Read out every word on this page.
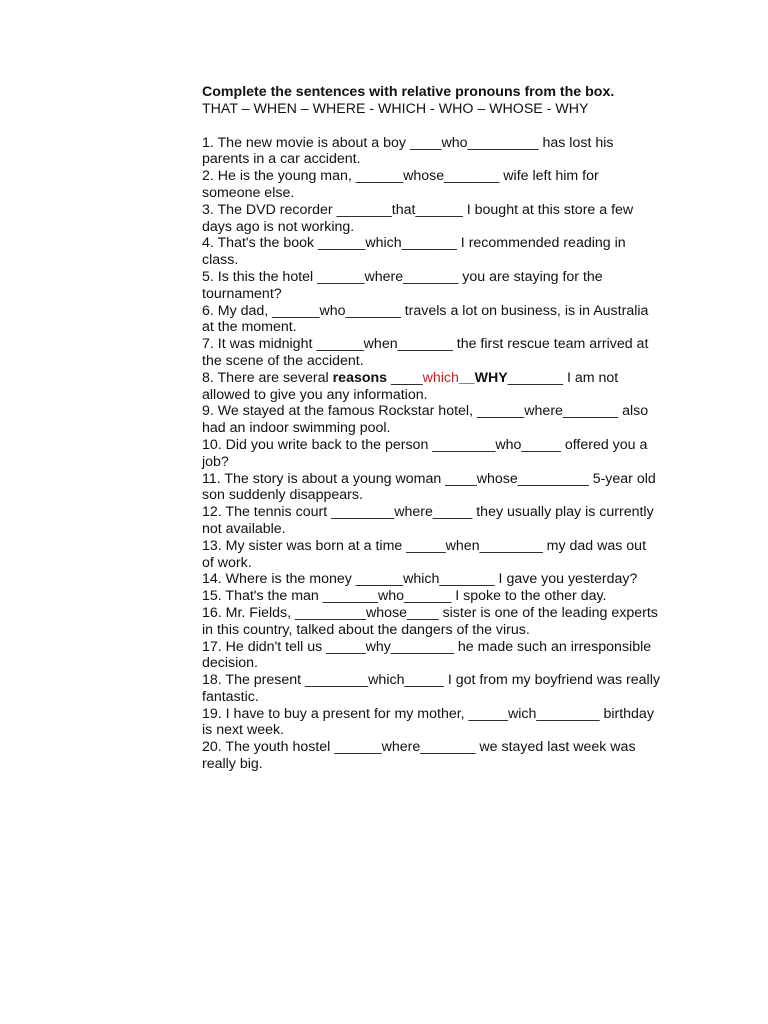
Complete the sentences with relative pronouns from the box.

THAT – WHEN – WHERE - WHICH - WHO – WHOSE - WHY

1. The new movie is about a boy ____who_________ has lost his parents in a car accident.
2. He is the young man, ______whose_______ wife left him for someone else.
3. The DVD recorder _______that______ I bought at this store a few days ago is not working.
4. That's the book ______which_______ I recommended reading in class.
5. Is this the hotel ______where_______ you are staying for the tournament?
6. My dad, ______who_______ travels a lot on business, is in Australia at the moment.
7. It was midnight ______when_______ the first rescue team arrived at the scene of the accident.
8. There are several reasons ____which__WHY_______ I am not allowed to give you any information.
9. We stayed at the famous Rockstar hotel, ______where_______ also had an indoor swimming pool.
10. Did you write back to the person ________who_____ offered you a job?
11. The story is about a young woman ____whose_________ 5-year old son suddenly disappears.
12. The tennis court ________where_____ they usually play is currently not available.
13. My sister was born at a time _____when________ my dad was out of work.
14. Where is the money ______which_______ I gave you yesterday? 15. That's the man _______who______ I spoke to the other day.
16. Mr. Fields, _________whose____ sister is one of the leading experts in this country, talked about the dangers of the virus.
17. He didn't tell us _____why________ he made such an irresponsible decision.
18. The present ________which_____ I got from my boyfriend was really fantastic.
19. I have to buy a present for my mother, _____wich________ birthday is next week.
20. The youth hostel ______where_______ we stayed last week was really big.
